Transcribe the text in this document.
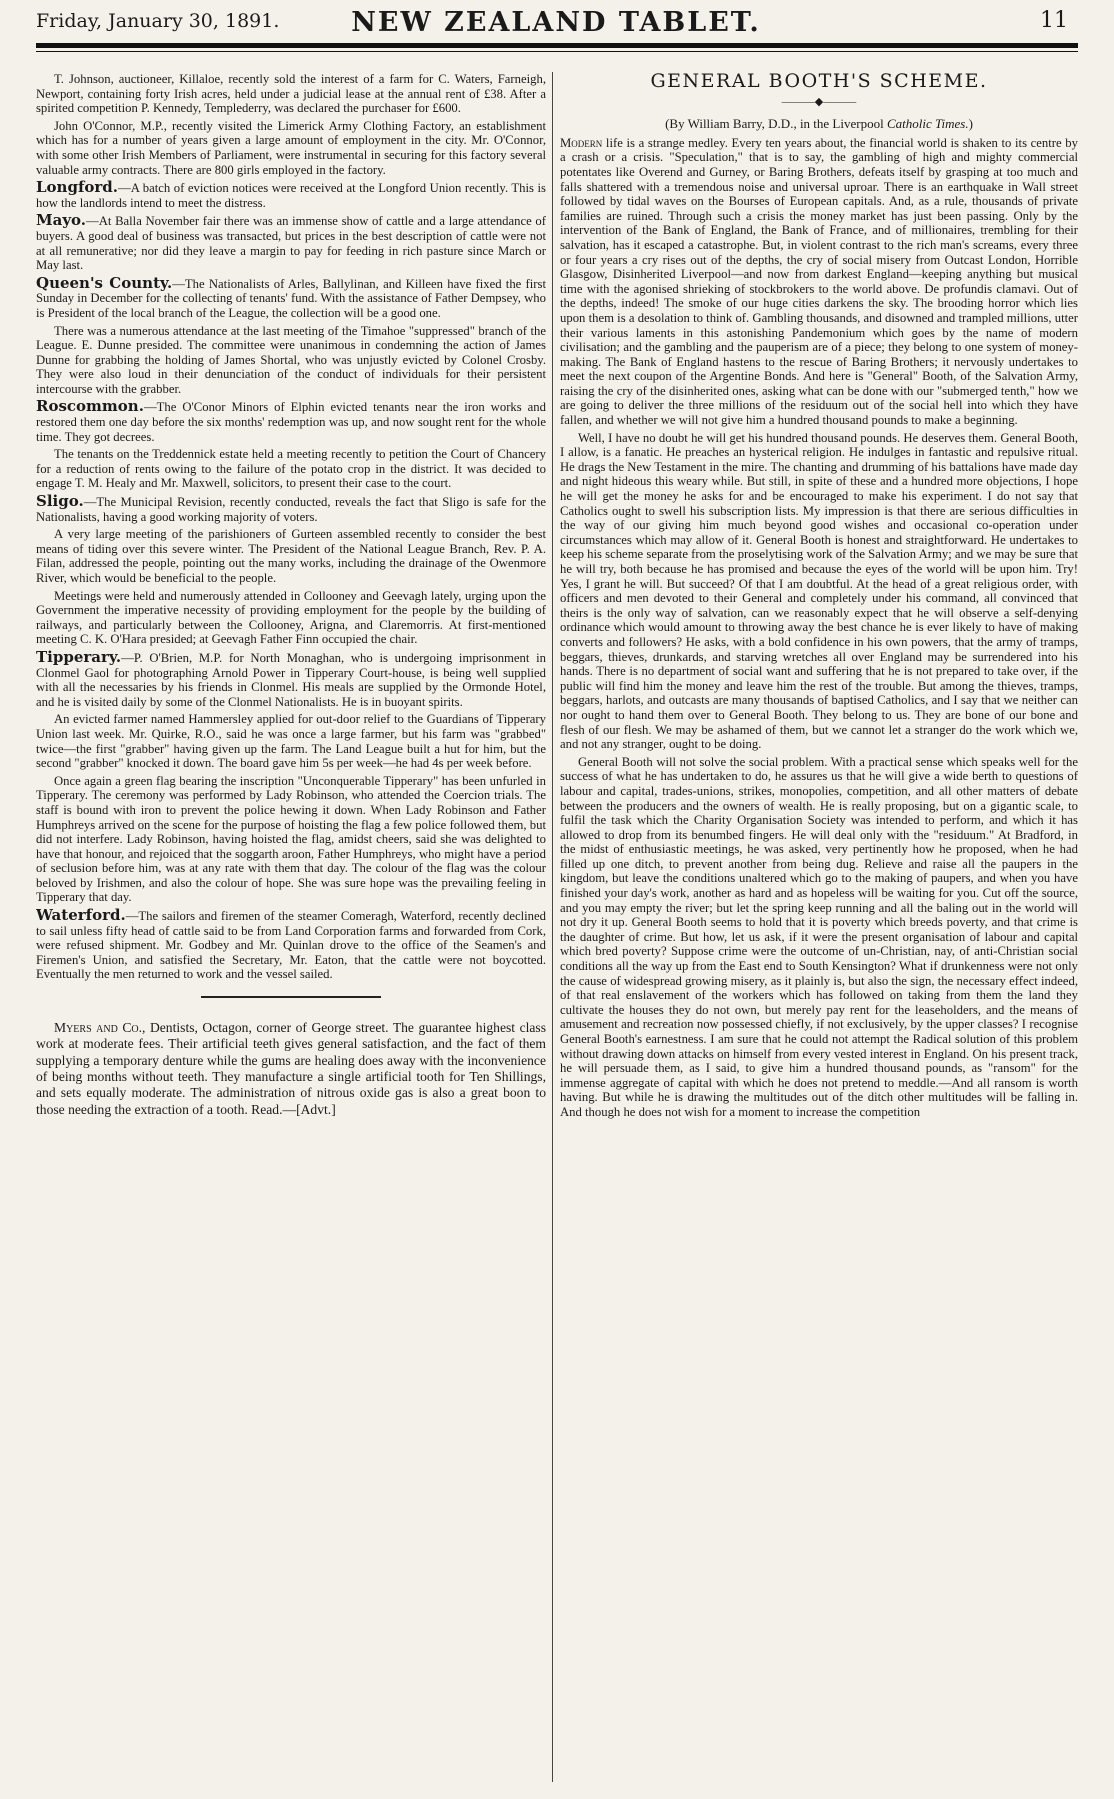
Friday, January 30, 1891.	NEW ZEALAND TABLET.	11

T. Johnson, auctioneer, Killaloe, recently sold the interest of a farm for C. Waters, Farneigh, Newport, containing forty Irish acres, held under a judicial lease at the annual rent of £38. After a spirited competition P. Kennedy, Templederry, was declared the purchaser for £600.

John O'Connor, M.P., recently visited the Limerick Army Clothing Factory, an establishment which has for a number of years given a large amount of employment in the city. Mr. O'Connor, with some other Irish Members of Parliament, were instrumental in securing for this factory several valuable army contracts. There are 800 girls employed in the factory.

Longford.—A batch of eviction notices were received at the Longford Union recently. This is how the landlords intend to meet the distress.

Mayo.—At Balla November fair there was an immense show of cattle and a large attendance of buyers. A good deal of business was transacted, but prices in the best description of cattle were not at all remunerative; nor did they leave a margin to pay for feeding in rich pasture since March or May last.

Queen's County.—The Nationalists of Arles, Ballylinan, and Killeen have fixed the first Sunday in December for the collecting of tenants' fund. With the assistance of Father Dempsey, who is President of the local branch of the League, the collection will be a good one.

There was a numerous attendance at the last meeting of the Timahoe "suppressed" branch of the League. E. Dunne presided. The committee were unanimous in condemning the action of James Dunne for grabbing the holding of James Shortal, who was unjustly evicted by Colonel Crosby. They were also loud in their denunciation of the conduct of individuals for their persistent intercourse with the grabber.

Roscommon.—The O'Conor Minors of Elphin evicted tenants near the iron works and restored them one day before the six months' redemption was up, and now sought rent for the whole time. They got decrees.

The tenants on the Treddennick estate held a meeting recently to petition the Court of Chancery for a reduction of rents owing to the failure of the potato crop in the district. It was decided to engage T. M. Healy and Mr. Maxwell, solicitors, to present their case to the court.

Sligo.—The Municipal Revision, recently conducted, reveals the fact that Sligo is safe for the Nationalists, having a good working majority of voters.

A very large meeting of the parishioners of Gurteen assembled recently to consider the best means of tiding over this severe winter. The President of the National League Branch, Rev. P. A. Filan, addressed the people, pointing out the many works, including the drainage of the Owenmore River, which would be beneficial to the people.

Meetings were held and numerously attended in Collooney and Geevagh lately, urging upon the Government the imperative necessity of providing employment for the people by the building of railways, and particularly between the Collooney, Arigna, and Claremorris. At first-mentioned meeting C. K. O'Hara presided; at Geevagh Father Finn occupied the chair.

Tipperary.—P. O'Brien, M.P. for North Monaghan, who is undergoing imprisonment in Clonmel Gaol for photographing Arnold Power in Tipperary Court-house, is being well supplied with all the necessaries by his friends in Clonmel. His meals are supplied by the Ormonde Hotel, and he is visited daily by some of the Clonmel Nationalists. He is in buoyant spirits.

An evicted farmer named Hammersley applied for out-door relief to the Guardians of Tipperary Union last week. Mr. Quirke, R.O., said he was once a large farmer, but his farm was "grabbed" twice—the first "grabber" having given up the farm. The Land League built a hut for him, but the second "grabber" knocked it down. The board gave him 5s per week—he had 4s per week before.

Once again a green flag bearing the inscription "Unconquerable Tipperary" has been unfurled in Tipperary. The ceremony was performed by Lady Robinson, who attended the Coercion trials. The staff is bound with iron to prevent the police hewing it down. When Lady Robinson and Father Humphreys arrived on the scene for the purpose of hoisting the flag a few police followed them, but did not interfere. Lady Robinson, having hoisted the flag, amidst cheers, said she was delighted to have that honour, and rejoiced that the soggarth aroon, Father Humphreys, who might have a period of seclusion before him, was at any rate with them that day. The colour of the flag was the colour beloved by Irishmen, and also the colour of hope. She was sure hope was the prevailing feeling in Tipperary that day.

Waterford.—The sailors and firemen of the steamer Comeragh, Waterford, recently declined to sail unless fifty head of cattle said to be from Land Corporation farms and forwarded from Cork, were refused shipment. Mr. Godbey and Mr. Quinlan drove to the office of the Seamen's and Firemen's Union, and satisfied the Secretary, Mr. Eaton, that the cattle were not boycotted. Eventually the men returned to work and the vessel sailed.

Myers and Co., Dentists, Octagon, corner of George street. The guarantee highest class work at moderate fees. Their artificial teeth gives general satisfaction, and the fact of them supplying a temporary denture while the gums are healing does away with the inconvenience of being months without teeth. They manufacture a single artificial tooth for Ten Shillings, and sets equally moderate. The administration of nitrous oxide gas is also a great boon to those needing the extraction of a tooth. Read.—[Advt.]

GENERAL BOOTH'S SCHEME.
———◆———
(By William Barry, D.D., in the Liverpool Catholic Times.)

Modern life is a strange medley. Every ten years about, the financial world is shaken to its centre by a crash or a crisis. "Speculation," that is to say, the gambling of high and mighty commercial potentates like Overend and Gurney, or Baring Brothers, defeats itself by grasping at too much and falls shattered with a tremendous noise and universal uproar. There is an earthquake in Wall street followed by tidal waves on the Bourses of European capitals. And, as a rule, thousands of private families are ruined. Through such a crisis the money market has just been passing. Only by the intervention of the Bank of England, the Bank of France, and of millionaires, trembling for their salvation, has it escaped a catastrophe. But, in violent contrast to the rich man's screams, every three or four years a cry rises out of the depths, the cry of social misery from Outcast London, Horrible Glasgow, Disinherited Liverpool—and now from darkest England—keeping anything but musical time with the agonised shrieking of stockbrokers to the world above. De profundis clamavi. Out of the depths, indeed! The smoke of our huge cities darkens the sky. The brooding horror which lies upon them is a desolation to think of. Gambling thousands, and disowned and trampled millions, utter their various laments in this astonishing Pandemonium which goes by the name of modern civilisation; and the gambling and the pauperism are of a piece; they belong to one system of money-making. The Bank of England hastens to the rescue of Baring Brothers; it nervously undertakes to meet the next coupon of the Argentine Bonds. And here is "General" Booth, of the Salvation Army, raising the cry of the disinherited ones, asking what can be done with our "submerged tenth," how we are going to deliver the three millions of the residuum out of the social hell into which they have fallen, and whether we will not give him a hundred thousand pounds to make a beginning.

Well, I have no doubt he will get his hundred thousand pounds. He deserves them. General Booth, I allow, is a fanatic. He preaches an hysterical religion. He indulges in fantastic and repulsive ritual. He drags the New Testament in the mire. The chanting and drumming of his battalions have made day and night hideous this weary while. But still, in spite of these and a hundred more objections, I hope he will get the money he asks for and be encouraged to make his experiment. I do not say that Catholics ought to swell his subscription lists. My impression is that there are serious difficulties in the way of our giving him much beyond good wishes and occasional co-operation under circumstances which may allow of it. General Booth is honest and straightforward. He undertakes to keep his scheme separate from the proselytising work of the Salvation Army; and we may be sure that he will try, both because he has promised and because the eyes of the world will be upon him. Try! Yes, I grant he will. But succeed? Of that I am doubtful. At the head of a great religious order, with officers and men devoted to their General and completely under his command, all convinced that theirs is the only way of salvation, can we reasonably expect that he will observe a self-denying ordinance which would amount to throwing away the best chance he is ever likely to have of making converts and followers? He asks, with a bold confidence in his own powers, that the army of tramps, beggars, thieves, drunkards, and starving wretches all over England may be surrendered into his hands. There is no department of social want and suffering that he is not prepared to take over, if the public will find him the money and leave him the rest of the trouble. But among the thieves, tramps, beggars, harlots, and outcasts are many thousands of baptised Catholics, and I say that we neither can nor ought to hand them over to General Booth. They belong to us. They are bone of our bone and flesh of our flesh. We may be ashamed of them, but we cannot let a stranger do the work which we, and not any stranger, ought to be doing.

General Booth will not solve the social problem. With a practical sense which speaks well for the success of what he has undertaken to do, he assures us that he will give a wide berth to questions of labour and capital, trades-unions, strikes, monopolies, competition, and all other matters of debate between the producers and the owners of wealth. He is really proposing, but on a gigantic scale, to fulfil the task which the Charity Organisation Society was intended to perform, and which it has allowed to drop from its benumbed fingers. He will deal only with the "residuum." At Bradford, in the midst of enthusiastic meetings, he was asked, very pertinently how he proposed, when he had filled up one ditch, to prevent another from being dug. Relieve and raise all the paupers in the kingdom, but leave the conditions unaltered which go to the making of paupers, and when you have finished your day's work, another as hard and as hopeless will be waiting for you. Cut off the source, and you may empty the river; but let the spring keep running and all the baling out in the world will not dry it up. General Booth seems to hold that it is poverty which breeds poverty, and that crime is the daughter of crime. But how, let us ask, if it were the present organisation of labour and capital which bred poverty? Suppose crime were the outcome of un-Christian, nay, of anti-Christian social conditions all the way up from the East end to South Kensington? What if drunkenness were not only the cause of widespread growing misery, as it plainly is, but also the sign, the necessary effect indeed, of that real enslavement of the workers which has followed on taking from them the land they cultivate the houses they do not own, but merely pay rent for the leaseholders, and the means of amusement and recreation now possessed chiefly, if not exclusively, by the upper classes? I recognise General Booth's earnestness. I am sure that he could not attempt the Radical solution of this problem without drawing down attacks on himself from every vested interest in England. On his present track, he will persuade them, as I said, to give him a hundred thousand pounds, as "ransom" for the immense aggregate of capital with which he does not pretend to meddle.—And all ransom is worth having. But while he is drawing the multitudes out of the ditch other multitudes will be falling in. And though he does not wish for a moment to increase the competition
